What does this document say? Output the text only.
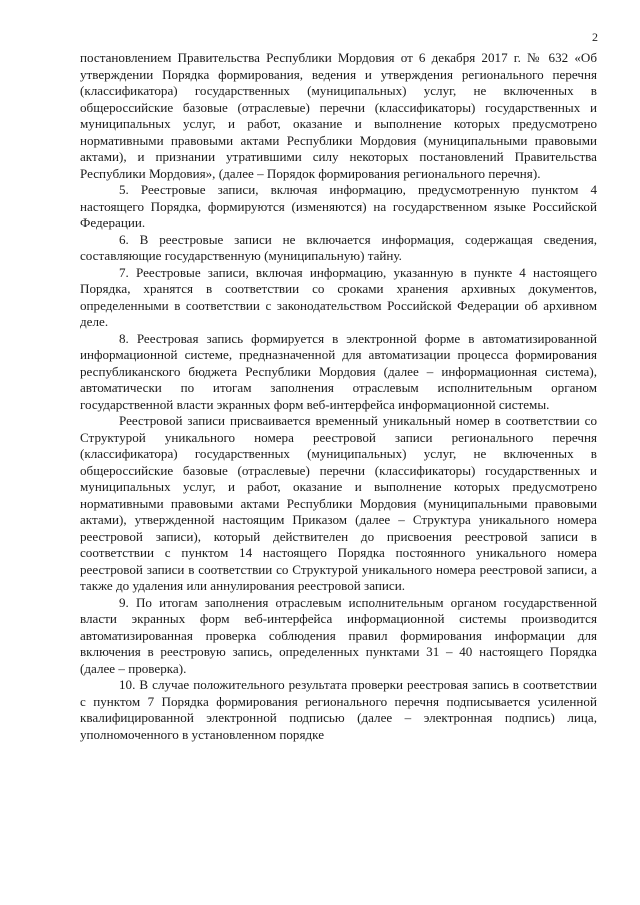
2

постановлением Правительства Республики Мордовия от 6 декабря 2017 г. № 632 «Об утверждении Порядка формирования, ведения и утверждения регионального перечня (классификатора) государственных (муниципальных) услуг, не включенных в общероссийские базовые (отраслевые) перечни (классификаторы) государственных и муниципальных услуг, и работ, оказание и выполнение которых предусмотрено нормативными правовыми актами Республики Мордовия (муниципальными правовыми актами), и признании утратившими силу некоторых постановлений Правительства Республики Мордовия», (далее – Порядок формирования регионального перечня).

5. Реестровые записи, включая информацию, предусмотренную пунктом 4 настоящего Порядка, формируются (изменяются) на государственном языке Российской Федерации.

6. В реестровые записи не включается информация, содержащая сведения, составляющие государственную (муниципальную) тайну.

7. Реестровые записи, включая информацию, указанную в пункте 4 настоящего Порядка, хранятся в соответствии со сроками хранения архивных документов, определенными в соответствии с законодательством Российской Федерации об архивном деле.

8. Реестровая запись формируется в электронной форме в автоматизированной информационной системе, предназначенной для автоматизации процесса формирования республиканского бюджета Республики Мордовия (далее – информационная система), автоматически по итогам заполнения отраслевым исполнительным органом государственной власти экранных форм веб-интерфейса информационной системы.

Реестровой записи присваивается временный уникальный номер в соответствии со Структурой уникального номера реестровой записи регионального перечня (классификатора) государственных (муниципальных) услуг, не включенных в общероссийские базовые (отраслевые) перечни (классификаторы) государственных и муниципальных услуг, и работ, оказание и выполнение которых предусмотрено нормативными правовыми актами Республики Мордовия (муниципальными правовыми актами), утвержденной настоящим Приказом (далее – Структура уникального номера реестровой записи), который действителен до присвоения реестровой записи в соответствии с пунктом 14 настоящего Порядка постоянного уникального номера реестровой записи в соответствии со Структурой уникального номера реестровой записи, а также до удаления или аннулирования реестровой записи.

9. По итогам заполнения отраслевым исполнительным органом государственной власти экранных форм веб-интерфейса информационной системы производится автоматизированная проверка соблюдения правил формирования информации для включения в реестровую запись, определенных пунктами 31 – 40 настоящего Порядка (далее – проверка).

10. В случае положительного результата проверки реестровая запись в соответствии с пунктом 7 Порядка формирования регионального перечня подписывается усиленной квалифицированной электронной подписью (далее – электронная подпись) лица, уполномоченного в установленном порядке
